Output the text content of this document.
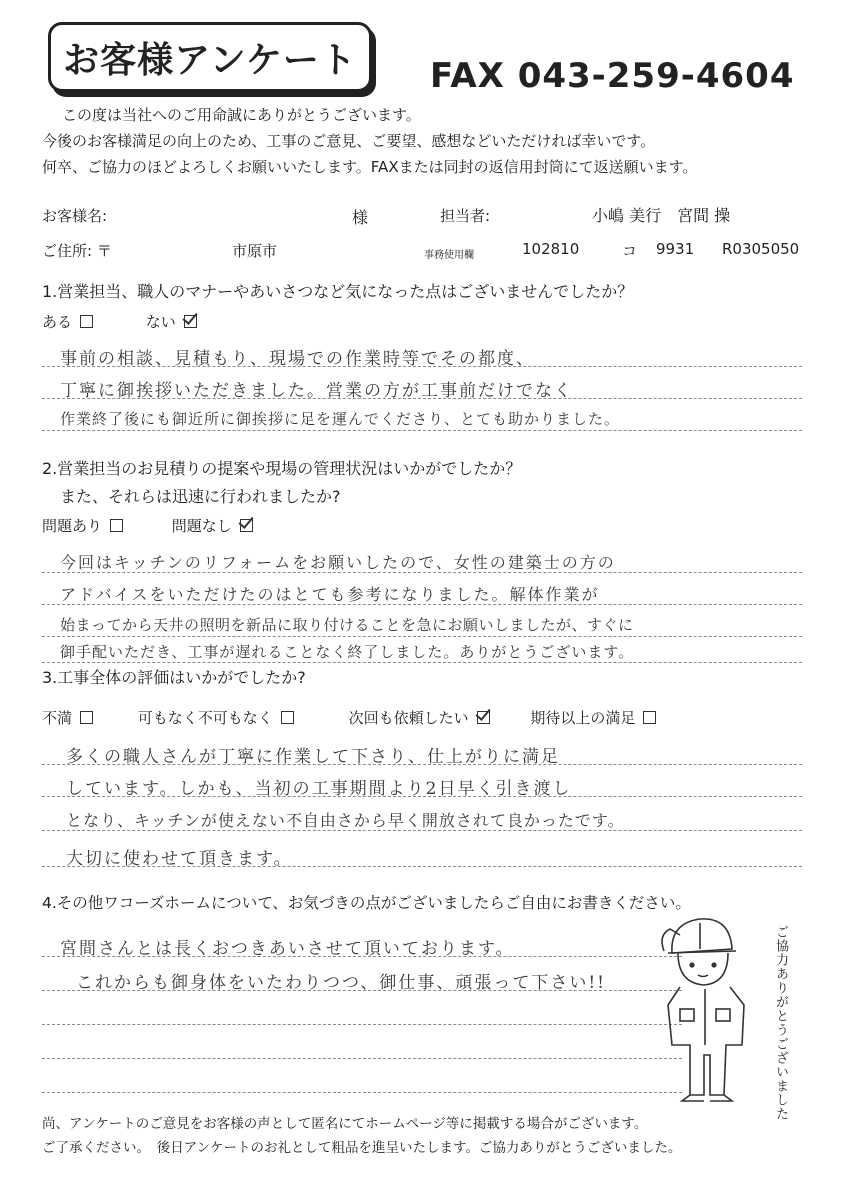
お客様アンケート	FAX 043-259-4604
この度は当社へのご用命誠にありがとうございます。
今後のお客様満足の向上のため、工事のご意見、ご要望、感想などいただければ幸いです。
何卒、ご協力のほどよろしくお願いいたします。FAXまたは同封の返信用封筒にて返送願います。
お客様名:	様	担当者:	小嶋 美行　宮間 操
ご住所: 〒	市原市	事務使用欄	102810	コ 9931 R0305050
1.営業担当、職人のマナーやあいさつなど気になった点はございませんでしたか？
ある
	ない
事前の相談、見積もり、現場での作業時等でその都度、
丁寧に御挨拶いただきました。営業の方が工事前だけでなく
作業終了後にも御近所に御挨拶に足を運んでくださり、とても助かりました。
2.営業担当のお見積りの提案や現場の管理状況はいかがでしたか？
また、それらは迅速に行われましたか?
問題あり
	問題なし
今回はキッチンのリフォームをお願いしたので、女性の建築士の方の
アドバイスをいただけたのはとても参考になりました。解体作業が
始まってから天井の照明を新品に取り付けることを急にお願いしましたが、すぐに
御手配いただき、工事が遅れることなく終了しました。ありがとうございます。
3.工事全体の評価はいかがでしたか?
不満
	可もなく不可もなく
	次回も依頼したい
	期待以上の満足
多くの職人さんが丁寧に作業して下さり、仕上がりに満足
しています。しかも、当初の工事期間より2日早く引き渡し
となり、キッチンが使えない不自由さから早く開放されて良かったです。
大切に使わせて頂きます。
4.その他ワコーズホームについて、お気づきの点がございましたらご自由にお書きください。
宮間さんとは長くおつきあいさせて頂いております。
これからも御身体をいたわりつつ、御仕事、頑張って下さい!!	ご協力ありがとうございました
尚、アンケートのご意見をお客様の声として匿名にてホームページ等に掲載する場合がございます。
ご了承ください。　後日アンケートのお礼として粗品を進呈いたします。ご協力ありがとうございました。
